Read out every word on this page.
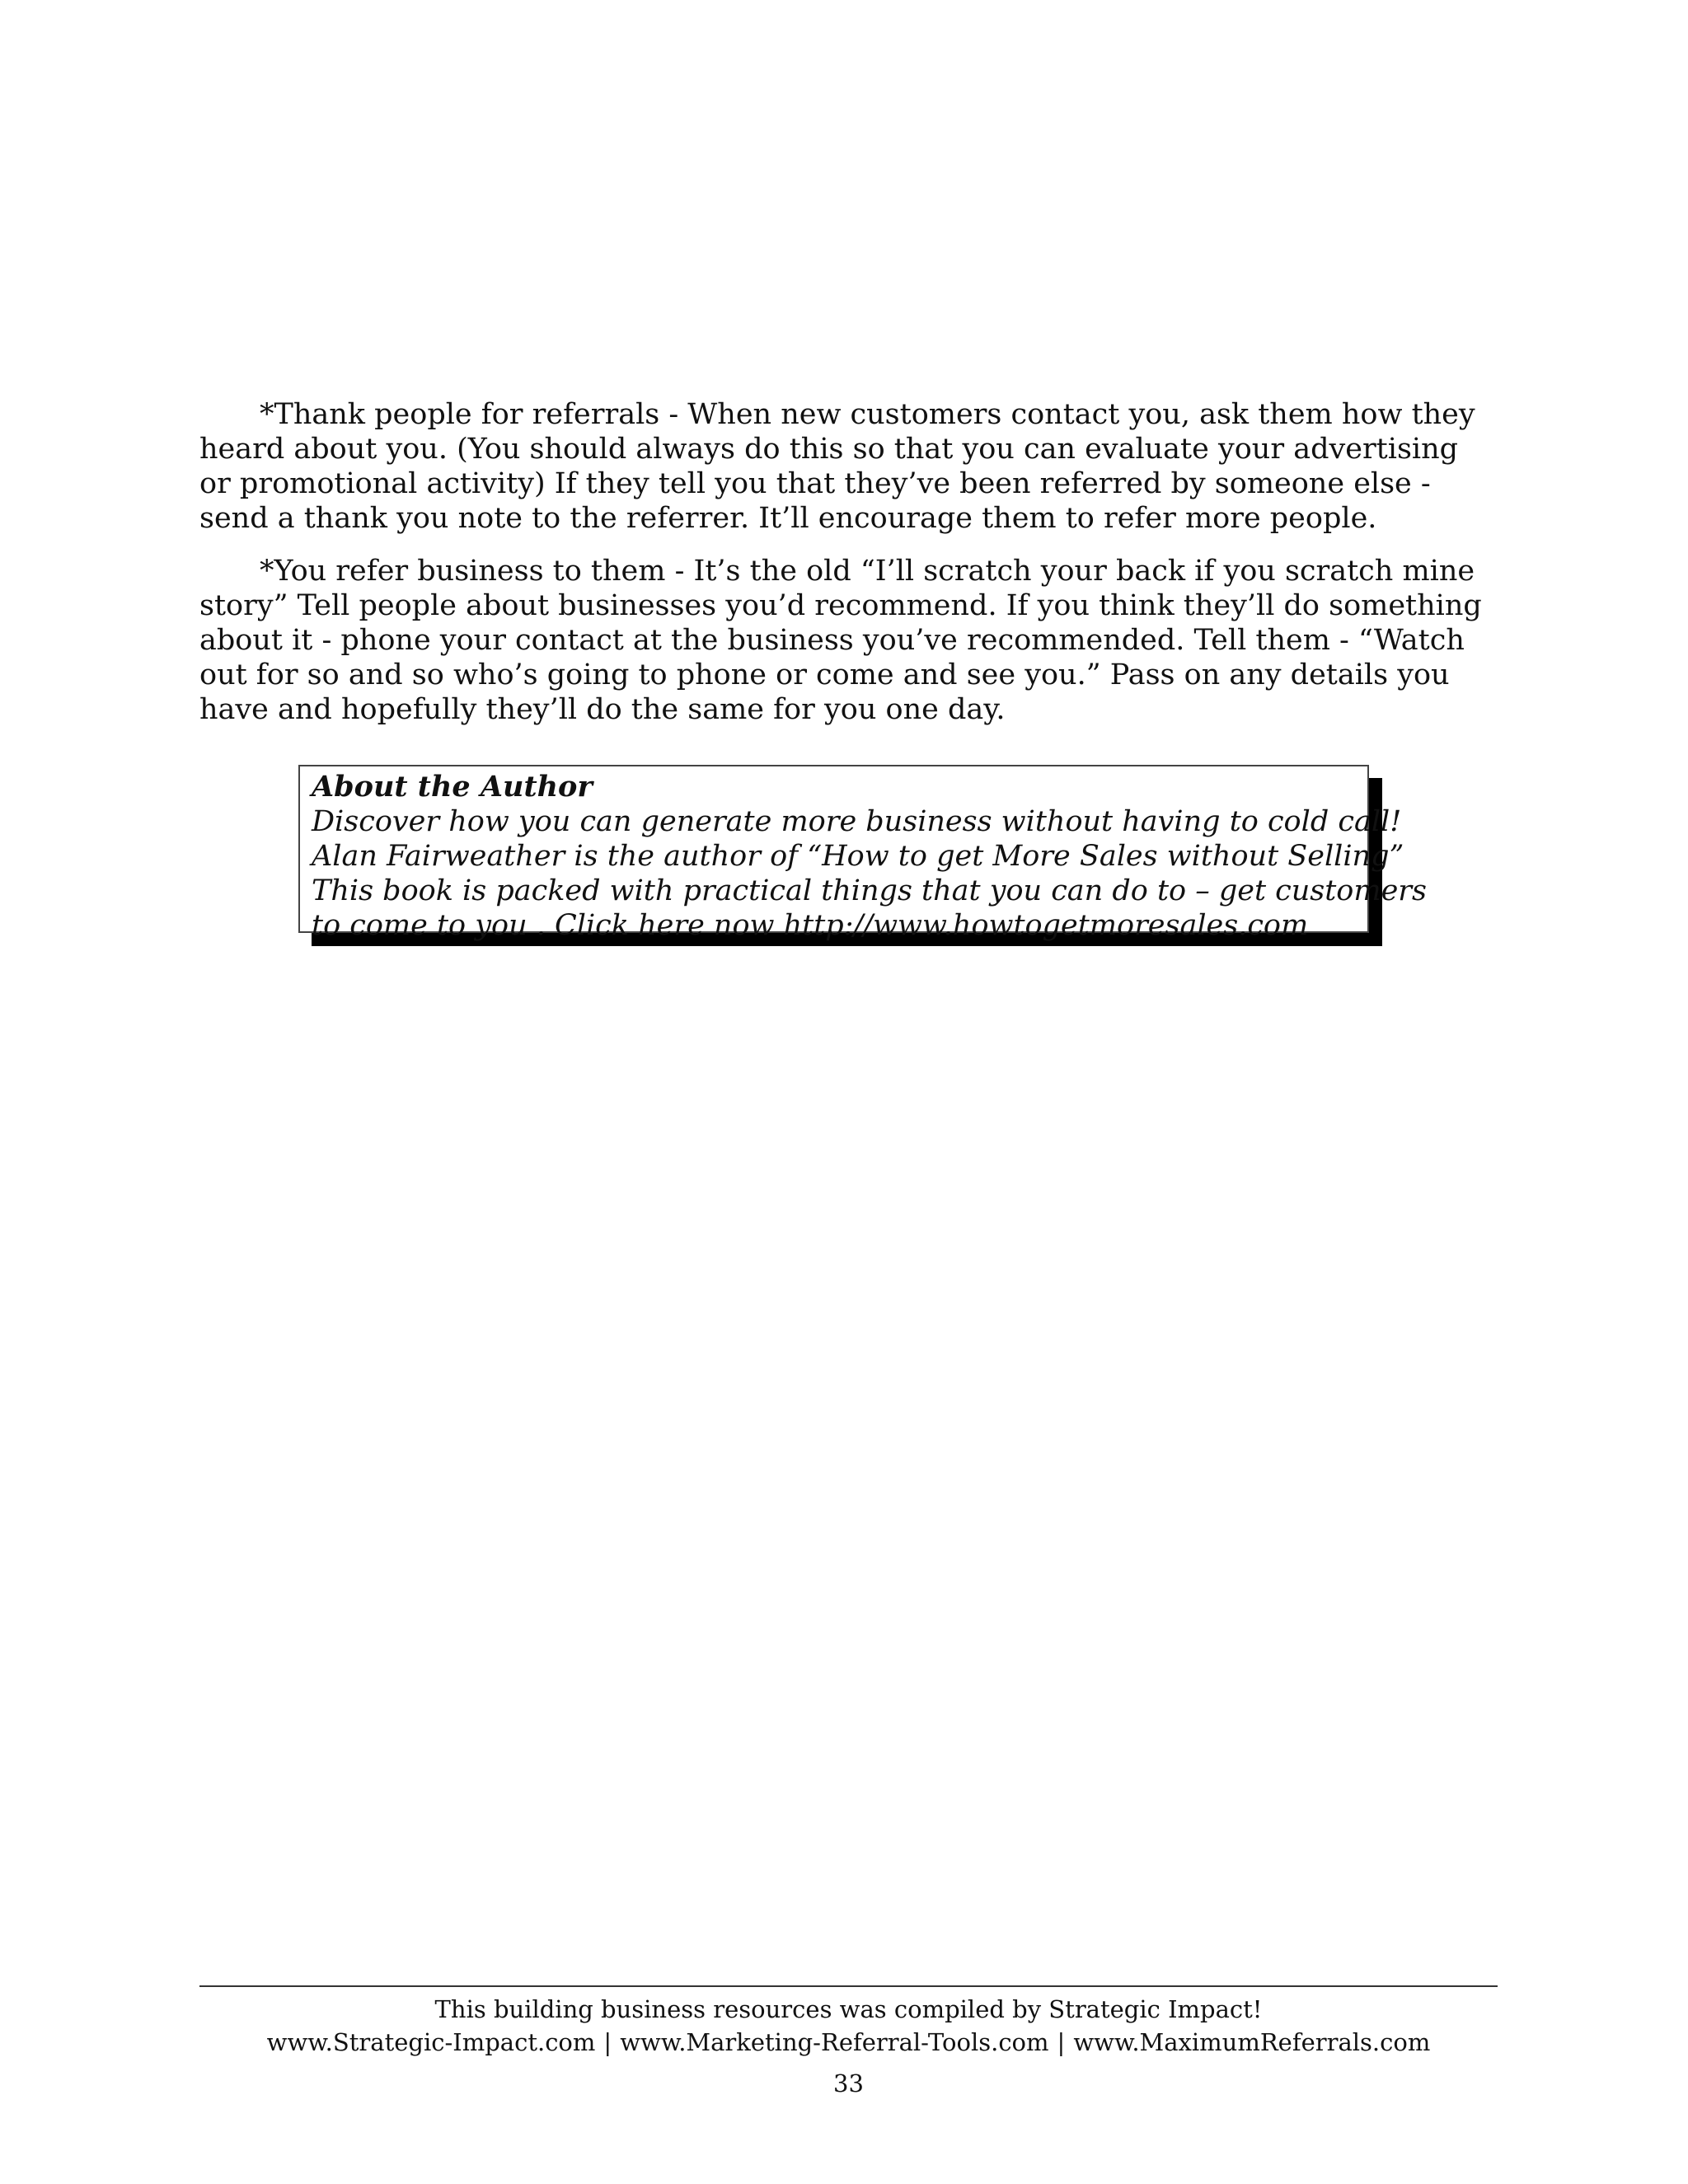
*Thank people for referrals - When new customers contact you, ask them how they heard about you. (You should always do this so that you can evaluate your advertising or promotional activity) If they tell you that they’ve been referred by someone else - send a thank you note to the referrer. It’ll encourage them to refer more people.

*You refer business to them - It’s the old “I’ll scratch your back if you scratch mine story” Tell people about businesses you’d recommend. If you think they’ll do something about it - phone your contact at the business you’ve recommended. Tell them - “Watch out for so and so who’s going to phone or come and see you.” Pass on any details you have and hopefully they’ll do the same for you one day.

About the Author
Discover how you can generate more business without having to cold call!
Alan Fairweather is the author of “How to get More Sales without Selling”
This book is packed with practical things that you can do to – get customers
to come to you . Click here now http://www.howtogetmoresales.com
This building business resources was compiled by Strategic Impact!
www.Strategic-Impact.com | www.Marketing-Referral-Tools.com | www.MaximumReferrals.com
33
